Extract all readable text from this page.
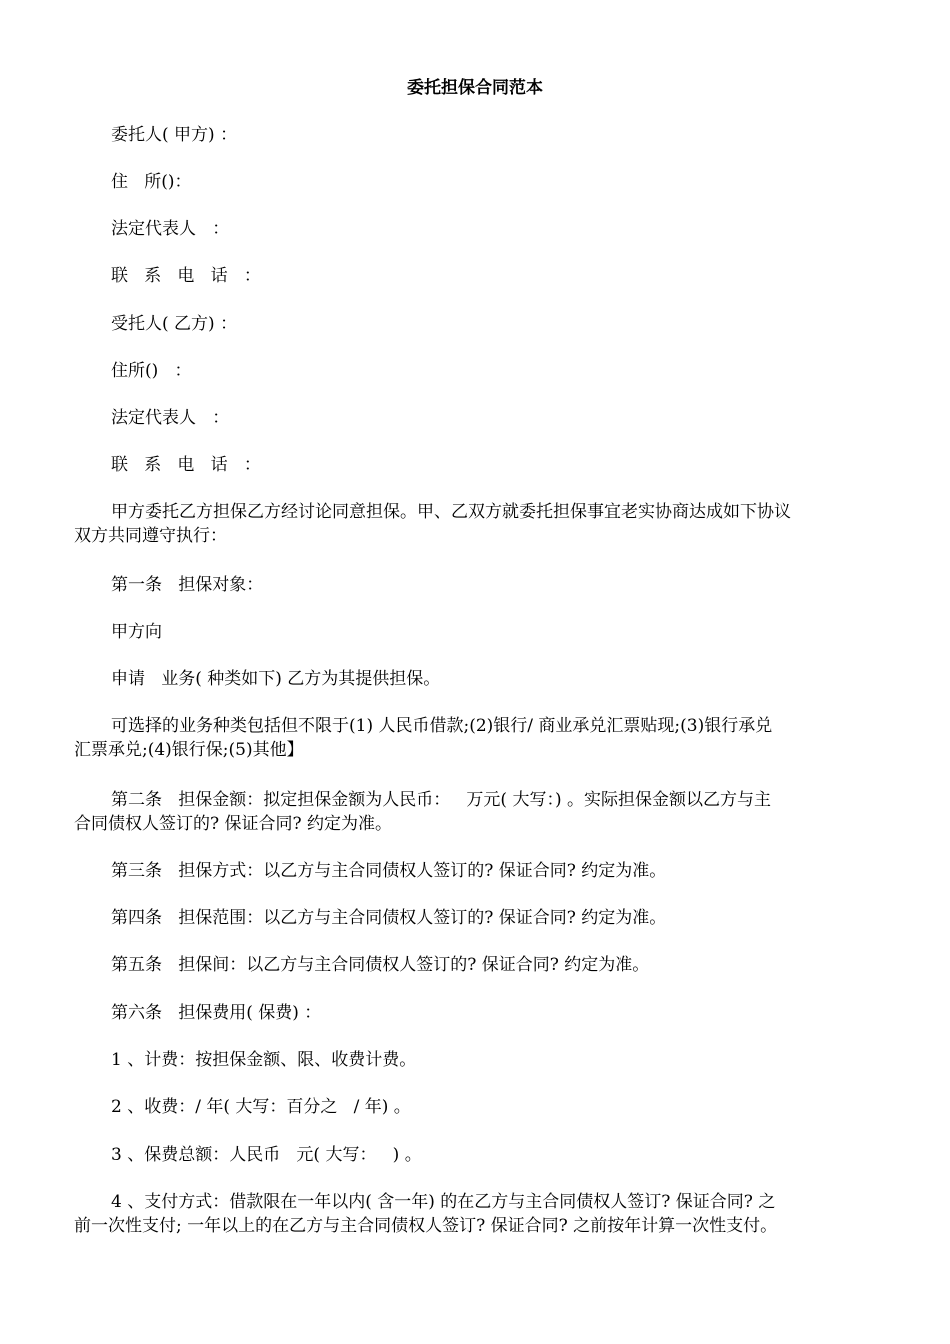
委托担保合同范本
委托人( 甲方) ：
住   所()：
法定代表人   ：
联   系   电   话   ：
受托人( 乙方) ：
住所()   ：
法定代表人   ：
联   系   电   话   ：
甲方委托乙方担保乙方经讨论同意担保。甲、乙双方就委托担保事宜老实协商达成如下协议
双方共同遵守执行：
第一条   担保对象：
甲方向
申请   业务( 种类如下) 乙方为其提供担保。
可选择的业务种类包括但不限于(1) 人民币借款;(2)银行/ 商业承兑汇票贴现;(3)银行承兑
汇票承兑;(4)银行保;(5)其他】
第二条   担保金额：拟定担保金额为人民币：   万元( 大写：) 。实际担保金额以乙方与主
合同债权人签订的? 保证合同? 约定为准。
第三条   担保方式：以乙方与主合同债权人签订的? 保证合同? 约定为准。
第四条   担保范围：以乙方与主合同债权人签订的? 保证合同? 约定为准。
第五条   担保间：以乙方与主合同债权人签订的? 保证合同? 约定为准。
第六条   担保费用( 保费) ：
1 、计费：按担保金额、限、收费计费。
2 、收费：/ 年( 大写：百分之   / 年) 。
3 、保费总额：人民币   元( 大写：   ) 。
4 、支付方式：借款限在一年以内( 含一年) 的在乙方与主合同债权人签订? 保证合同? 之
前一次性支付; 一年以上的在乙方与主合同债权人签订? 保证合同? 之前按年计算一次性支付。
